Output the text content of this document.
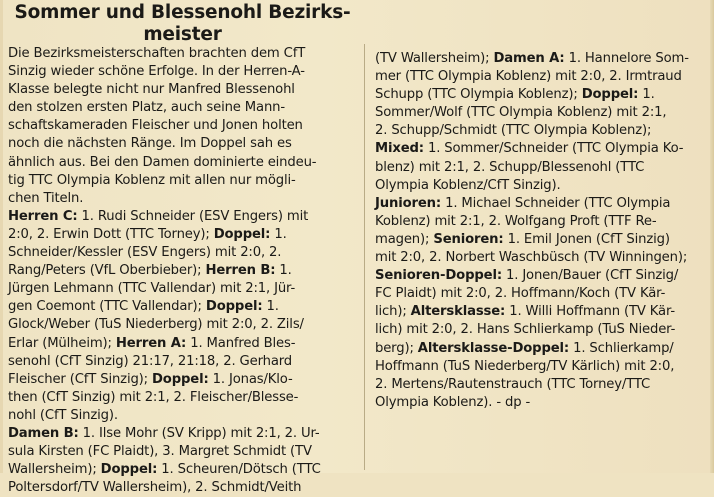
Sommer und Blessenohl Bezirks-
meister
Die Bezirksmeisterschaften brachten dem CfT
Sinzig wieder schöne Erfolge. In der Herren-A-
Klasse belegte nicht nur Manfred Blessenohl
den stolzen ersten Platz, auch seine Mann-
schaftskameraden Fleischer und Jonen holten
noch die nächsten Ränge. Im Doppel sah es
ähnlich aus. Bei den Damen dominierte eindeu-
tig TTC Olympia Koblenz mit allen nur mögli-
chen Titeln.
Herren C: 1. Rudi Schneider (ESV Engers) mit
2:0, 2. Erwin Dott (TTC Torney); Doppel: 1.
Schneider/Kessler (ESV Engers) mit 2:0, 2.
Rang/Peters (VfL Oberbieber); Herren B: 1.
Jürgen Lehmann (TTC Vallendar) mit 2:1, Jür-
gen Coemont (TTC Vallendar); Doppel: 1.
Glock/Weber (TuS Niederberg) mit 2:0, 2. Zils/
Erlar (Mülheim); Herren A: 1. Manfred Bles-
senohl (CfT Sinzig) 21:17, 21:18, 2. Gerhard
Fleischer (CfT Sinzig); Doppel: 1. Jonas/Klo-
then (CfT Sinzig) mit 2:1, 2. Fleischer/Blesse-
nohl (CfT Sinzig).
Damen B: 1. Ilse Mohr (SV Kripp) mit 2:1, 2. Ur-
sula Kirsten (FC Plaidt), 3. Margret Schmidt (TV
Wallersheim); Doppel: 1. Scheuren/Dötsch (TTC
Poltersdorf/TV Wallersheim), 2. Schmidt/Veith
(TV Wallersheim); Damen A: 1. Hannelore Som-
mer (TTC Olympia Koblenz) mit 2:0, 2. Irmtraud
Schupp (TTC Olympia Koblenz); Doppel: 1.
Sommer/Wolf (TTC Olympia Koblenz) mit 2:1,
2. Schupp/Schmidt (TTC Olympia Koblenz);
Mixed: 1. Sommer/Schneider (TTC Olympia Ko-
blenz) mit 2:1, 2. Schupp/Blessenohl (TTC
Olympia Koblenz/CfT Sinzig).
Junioren: 1. Michael Schneider (TTC Olympia
Koblenz) mit 2:1, 2. Wolfgang Proft (TTF Re-
magen); Senioren: 1. Emil Jonen (CfT Sinzig)
mit 2:0, 2. Norbert Waschbüsch (TV Winningen);
Senioren-Doppel: 1. Jonen/Bauer (CfT Sinzig/
FC Plaidt) mit 2:0, 2. Hoffmann/Koch (TV Kär-
lich); Altersklasse: 1. Willi Hoffmann (TV Kär-
lich) mit 2:0, 2. Hans Schlierkamp (TuS Nieder-
berg); Altersklasse-Doppel: 1. Schlierkamp/
Hoffmann (TuS Niederberg/TV Kärlich) mit 2:0,
2. Mertens/Rautenstrauch (TTC Torney/TTC
Olympia Koblenz). - dp -
